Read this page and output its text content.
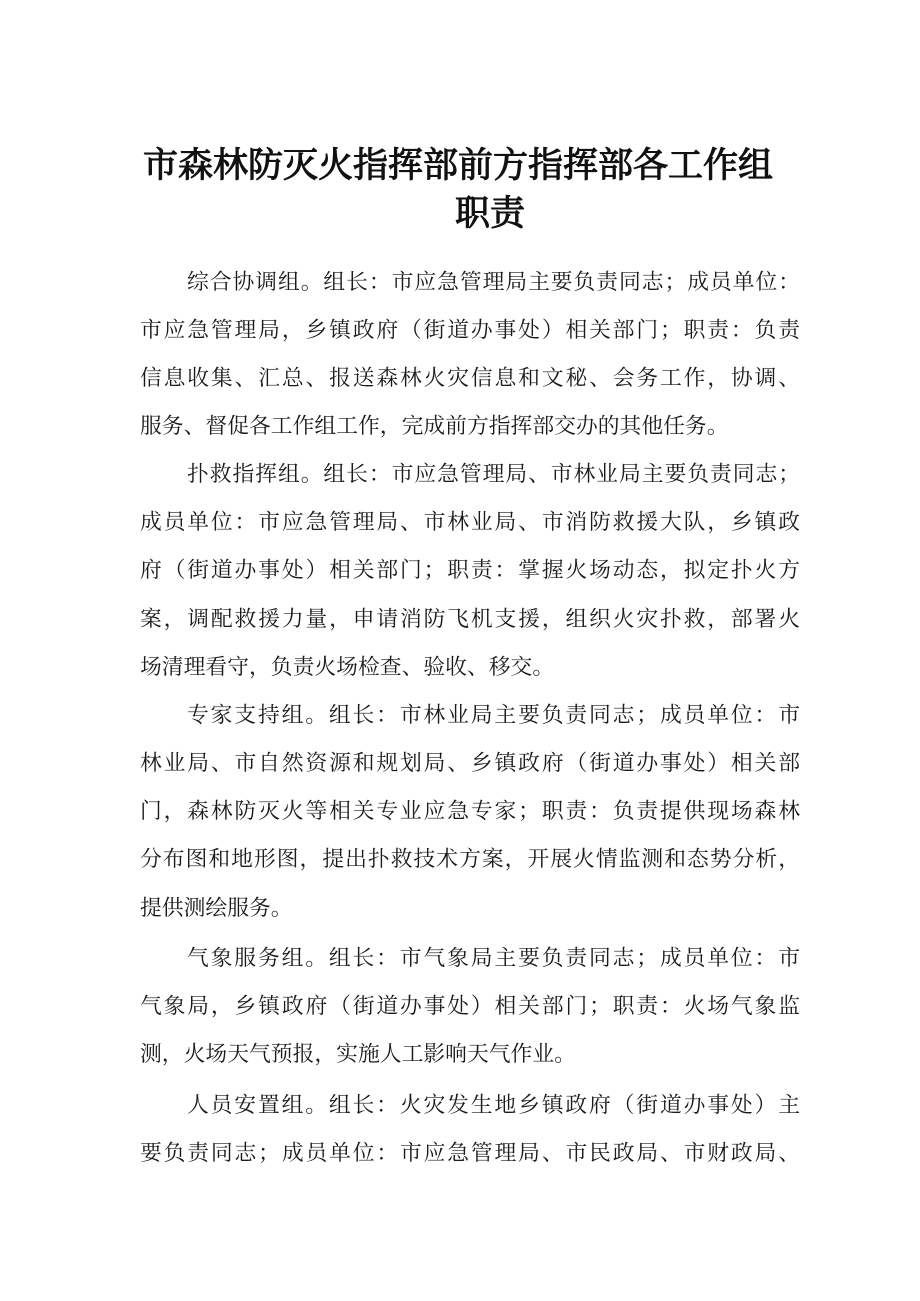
市森林防灭火指挥部前方指挥部各工作组
职责
综合协调组。组长：市应急管理局主要负责同志；成员单位：
市应急管理局，乡镇政府（街道办事处）相关部门；职责：负责
信息收集、汇总、报送森林火灾信息和文秘、会务工作，协调、
服务、督促各工作组工作，完成前方指挥部交办的其他任务。
扑救指挥组。组长：市应急管理局、市林业局主要负责同志；
成员单位：市应急管理局、市林业局、市消防救援大队，乡镇政
府（街道办事处）相关部门；职责：掌握火场动态，拟定扑火方
案，调配救援力量，申请消防飞机支援，组织火灾扑救，部署火
场清理看守，负责火场检查、验收、移交。
专家支持组。组长：市林业局主要负责同志；成员单位：市
林业局、市自然资源和规划局、乡镇政府（街道办事处）相关部
门，森林防灭火等相关专业应急专家；职责：负责提供现场森林
分布图和地形图，提出扑救技术方案，开展火情监测和态势分析，
提供测绘服务。
气象服务组。组长：市气象局主要负责同志；成员单位：市
气象局，乡镇政府（街道办事处）相关部门；职责：火场气象监
测，火场天气预报，实施人工影响天气作业。
人员安置组。组长：火灾发生地乡镇政府（街道办事处）主
要负责同志；成员单位：市应急管理局、市民政局、市财政局、
